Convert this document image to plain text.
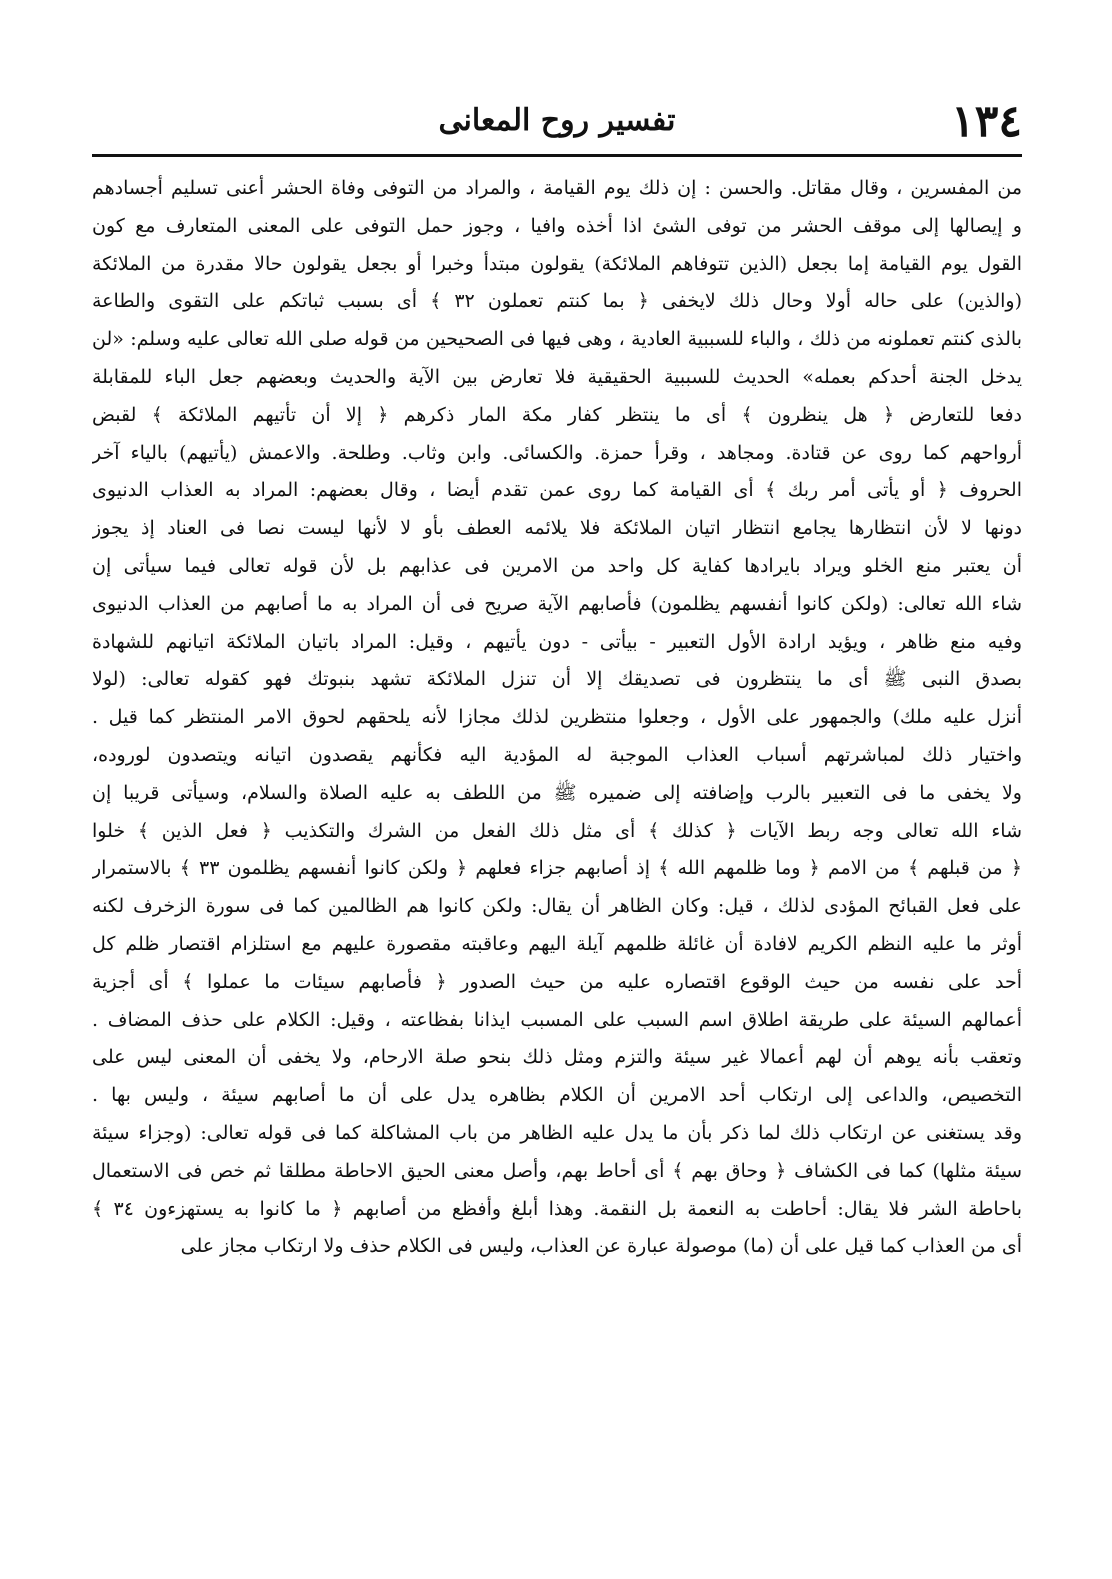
١٣٤
تفسير روح المعانى
من المفسرين ، وقال مقاتل. والحسن : إن ذلك يوم القيامة ، والمراد من التوفى وفاة الحشر أعنى تسليم أجسادهم
و إيصالها إلى موقف الحشر من توفى الشئ اذا أخذه وافيا ، وجوز حمل التوفى على المعنى المتعارف مع كون
القول يوم القيامة إما بجعل (الذين تتوفاهم الملائكة) يقولون مبتدأ وخبرا أو بجعل يقولون حالا مقدرة من الملائكة
(والذين) على حاله أولا وحال ذلك لايخفى ﴿ بما كنتم تعملون ٣٢ ﴾ أى بسبب ثباتكم على التقوى والطاعة
بالذى كنتم تعملونه من ذلك ، والباء للسببية العادية ، وهى فيها فى الصحيحين من قوله صلى الله تعالى عليه وسلم: «لن
يدخل الجنة أحدكم بعمله» الحديث للسببية الحقيقية فلا تعارض بين الآية والحديث وبعضهم جعل الباء للمقابلة
دفعا للتعارض ﴿ هل ينظرون ﴾ أى ما ينتظر كفار مكة المار ذكرهم ﴿ إلا أن تأتيهم الملائكة ﴾ لقبض
أرواحهم كما روى عن قتادة. ومجاهد ، وقرأ حمزة. والكسائى. وابن وثاب. وطلحة. والاعمش (يأتيهم) بالياء آخر
الحروف ﴿ أو يأتى أمر ربك ﴾ أى القيامة كما روى عمن تقدم أيضا ، وقال بعضهم: المراد به العذاب الدنيوى
دونها لا لأن انتظارها يجامع انتظار اتيان الملائكة فلا يلائمه العطف بأو لا لأنها ليست نصا فى العناد إذ يجوز
أن يعتبر منع الخلو ويراد بايرادها كفاية كل واحد من الامرين فى عذابهم بل لأن قوله تعالى فيما سيأتى إن
شاء الله تعالى: (ولكن كانوا أنفسهم يظلمون) فأصابهم الآية صريح فى أن المراد به ما أصابهم من العذاب الدنيوى
وفيه منع ظاهر ، ويؤيد ارادة الأول التعبير - بيأتى - دون يأتيهم ، وقيل: المراد باتيان الملائكة اتيانهم للشهادة
بصدق النبى ﷺ أى ما ينتظرون فى تصديقك إلا أن تنزل الملائكة تشهد بنبوتك فهو كقوله تعالى: (لولا
أنزل عليه ملك) والجمهور على الأول ، وجعلوا منتظرين لذلك مجازا لأنه يلحقهم لحوق الامر المنتظر كما قيل .
واختيار ذلك لمباشرتهم أسباب العذاب الموجبة له المؤدية اليه فكأنهم يقصدون اتيانه ويتصدون لوروده،
ولا يخفى ما فى التعبير بالرب وإضافته إلى ضميره ﷺ من اللطف به عليه الصلاة والسلام، وسيأتى قريبا إن
شاء الله تعالى وجه ربط الآيات ﴿ كذلك ﴾ أى مثل ذلك الفعل من الشرك والتكذيب ﴿ فعل الذين ﴾ خلوا
﴿ من قبلهم ﴾ من الامم ﴿ وما ظلمهم الله ﴾ إذ أصابهم جزاء فعلهم ﴿ ولكن كانوا أنفسهم يظلمون ٣٣ ﴾ بالاستمرار
على فعل القبائح المؤدى لذلك ، قيل: وكان الظاهر أن يقال: ولكن كانوا هم الظالمين كما فى سورة الزخرف لكنه
أوثر ما عليه النظم الكريم لافادة أن غائلة ظلمهم آيلة اليهم وعاقبته مقصورة عليهم مع استلزام اقتصار ظلم كل
أحد على نفسه من حيث الوقوع اقتصاره عليه من حيث الصدور ﴿ فأصابهم سيئات ما عملوا ﴾ أى أجزية
أعمالهم السيئة على طريقة اطلاق اسم السبب على المسبب ايذانا بفظاعته ، وقيل: الكلام على حذف المضاف .
وتعقب بأنه يوهم أن لهم أعمالا غير سيئة والتزم ومثل ذلك بنحو صلة الارحام، ولا يخفى أن المعنى ليس على
التخصيص، والداعى إلى ارتكاب أحد الامرين أن الكلام بظاهره يدل على أن ما أصابهم سيئة ، وليس بها .
وقد يستغنى عن ارتكاب ذلك لما ذكر بأن ما يدل عليه الظاهر من باب المشاكلة كما فى قوله تعالى: (وجزاء سيئة
سيئة مثلها) كما فى الكشاف ﴿ وحاق بهم ﴾ أى أحاط بهم، وأصل معنى الحيق الاحاطة مطلقا ثم خص فى الاستعمال
باحاطة الشر فلا يقال: أحاطت به النعمة بل النقمة. وهذا أبلغ وأفظع من أصابهم ﴿ ما كانوا به يستهزءون ٣٤ ﴾
أى من العذاب كما قيل على أن (ما) موصولة عبارة عن العذاب، وليس فى الكلام حذف ولا ارتكاب مجاز على
